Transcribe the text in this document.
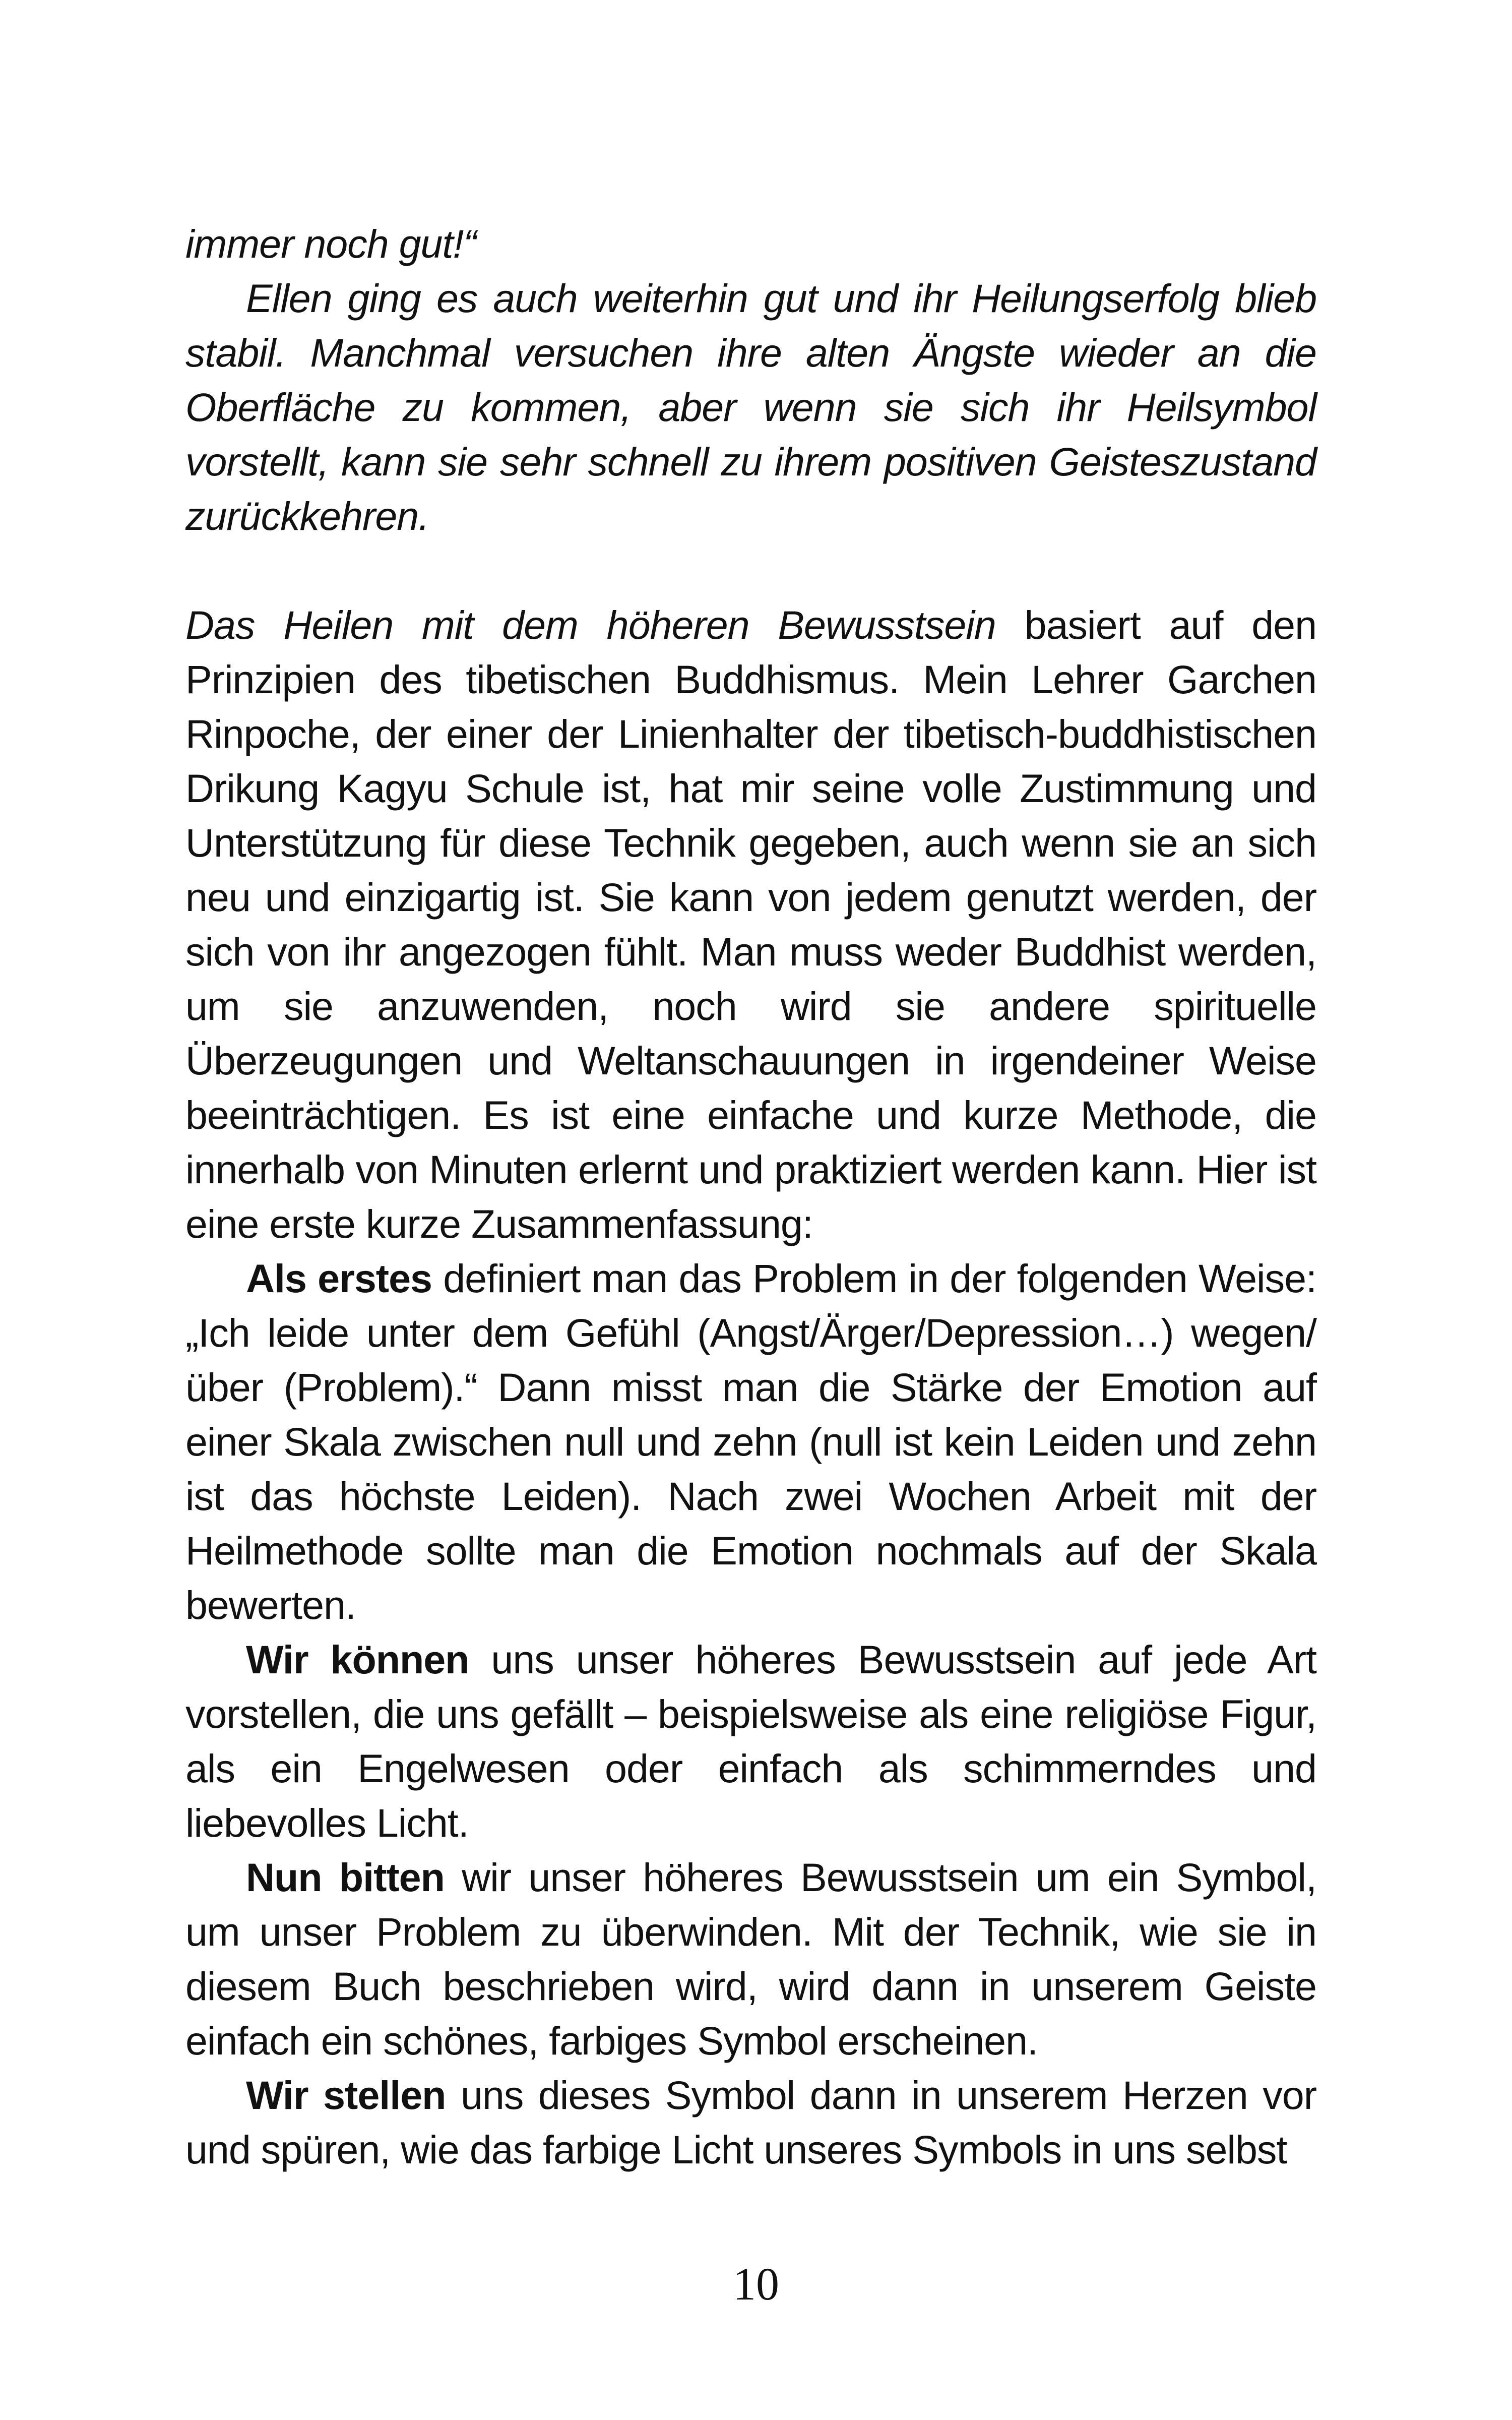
immer noch gut!“

Ellen ging es auch weiterhin gut und ihr Heilungserfolg blieb stabil. Manchmal versuchen ihre alten Ängste wieder an die Oberfläche zu kommen, aber wenn sie sich ihr Heilsymbol vorstellt, kann sie sehr schnell zu ihrem positiven Geisteszustand zurückkehren.

Das Heilen mit dem höheren Bewusstsein basiert auf den Prinzipien des tibetischen Buddhismus. Mein Lehrer Garchen Rinpoche, der einer der Linienhalter der tibetisch-buddhistischen Drikung Kagyu Schule ist, hat mir seine volle Zustimmung und Unterstützung für diese Technik gegeben, auch wenn sie an sich neu und einzigartig ist. Sie kann von jedem genutzt werden, der sich von ihr angezogen fühlt. Man muss weder Buddhist werden, um sie anzuwenden, noch wird sie andere spirituelle Überzeugungen und Weltanschauungen in irgendeiner Weise beeinträchtigen. Es ist eine einfache und kurze Methode, die innerhalb von Minuten erlernt und praktiziert werden kann. Hier ist eine erste kurze Zusammenfassung:

Als erstes definiert man das Problem in der folgenden Weise: „Ich leide unter dem Gefühl (Angst/Ärger/Depression…) wegen/über (Problem).“ Dann misst man die Stärke der Emotion auf einer Skala zwischen null und zehn (null ist kein Leiden und zehn ist das höchste Leiden). Nach zwei Wochen Arbeit mit der Heilmethode sollte man die Emotion nochmals auf der Skala bewerten.

Wir können uns unser höheres Bewusstsein auf jede Art vorstellen, die uns gefällt – beispielsweise als eine religiöse Figur, als ein Engelwesen oder einfach als schimmerndes und liebevolles Licht.

Nun bitten wir unser höheres Bewusstsein um ein Symbol, um unser Problem zu überwinden. Mit der Technik, wie sie in diesem Buch beschrieben wird, wird dann in unserem Geiste einfach ein schönes, farbiges Symbol erscheinen.

Wir stellen uns dieses Symbol dann in unserem Herzen vor und spüren, wie das farbige Licht unseres Symbols in uns selbst

10
